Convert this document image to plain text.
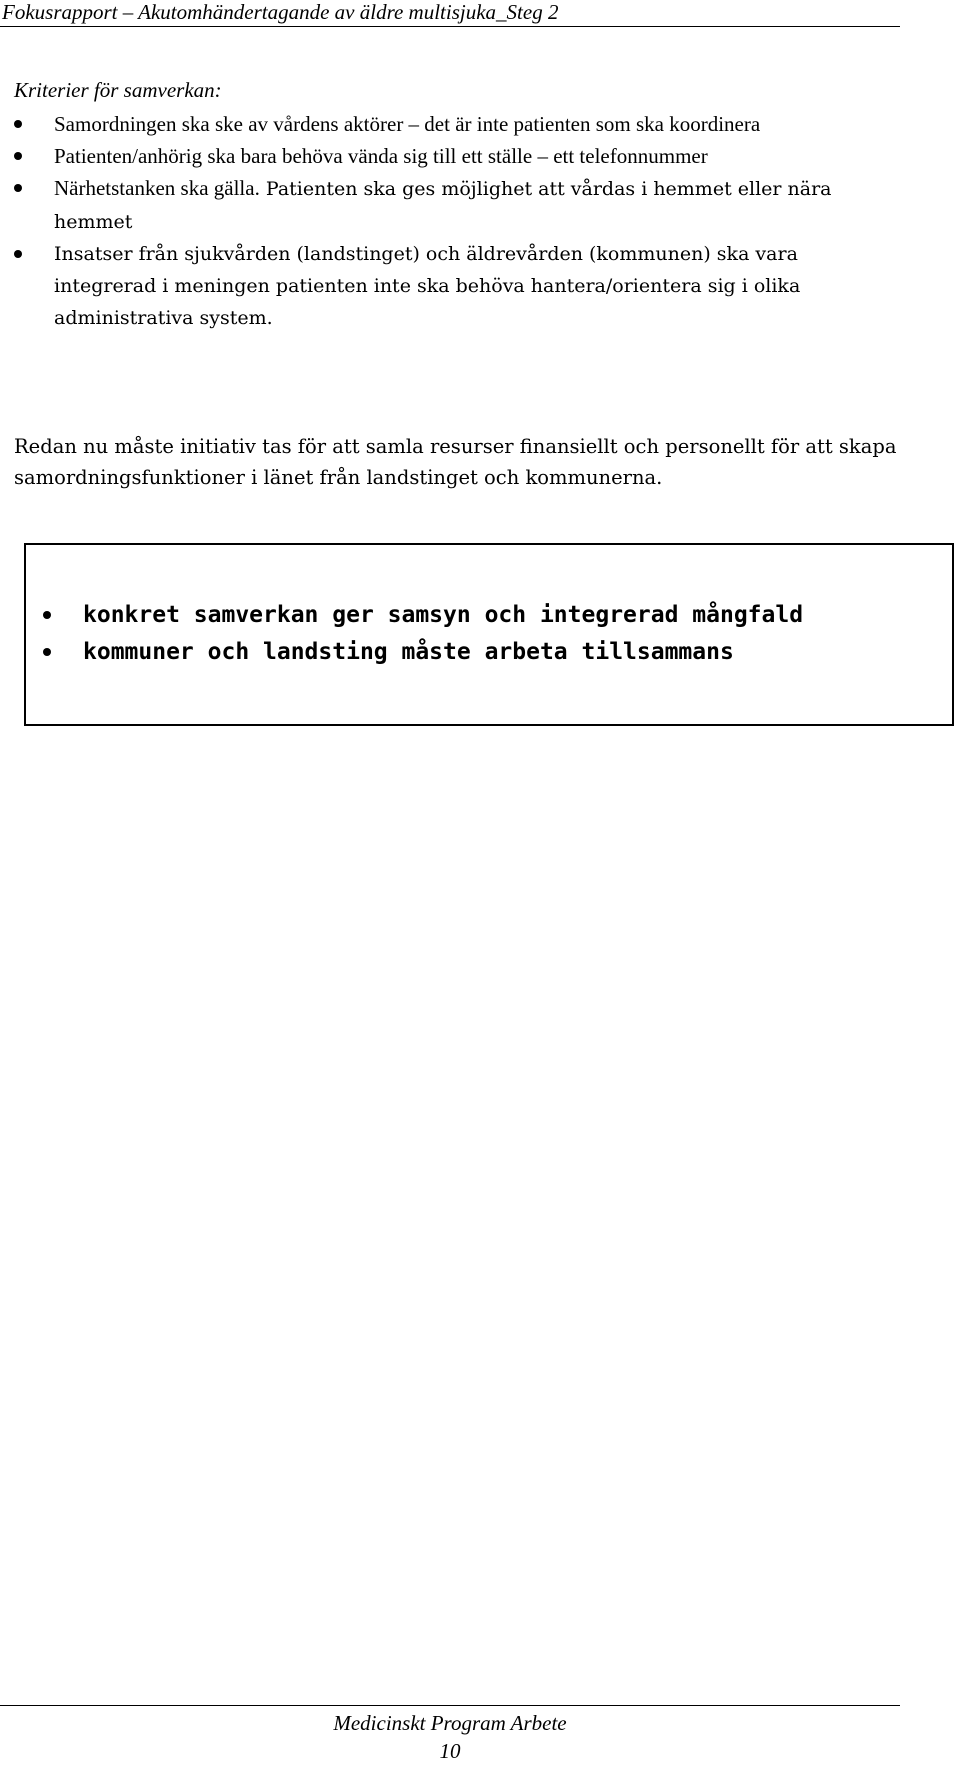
Fokusrapport – Akutomhändertagande av äldre multisjuka_Steg 2
Kriterier för samverkan:
Samordningen ska ske av vårdens aktörer – det är inte patienten som ska koordinera
Patienten/anhörig ska bara behöva vända sig till ett ställe – ett telefonnummer
Närhetstanken ska gälla. Patienten ska ges möjlighet att vårdas i hemmet eller nära hemmet
Insatser från sjukvården (landstinget) och äldrevården (kommunen) ska vara integrerad i meningen patienten inte ska behöva hantera/orientera sig i olika administrativa system.

Redan nu måste initiativ tas för att samla resurser finansiellt och personellt för att skapa samordningsfunktioner i länet från landstinget och kommunerna.

konkret samverkan ger samsyn och integrerad mångfald
kommuner och landsting måste arbeta tillsammans
Medicinskt Program Arbete
10
